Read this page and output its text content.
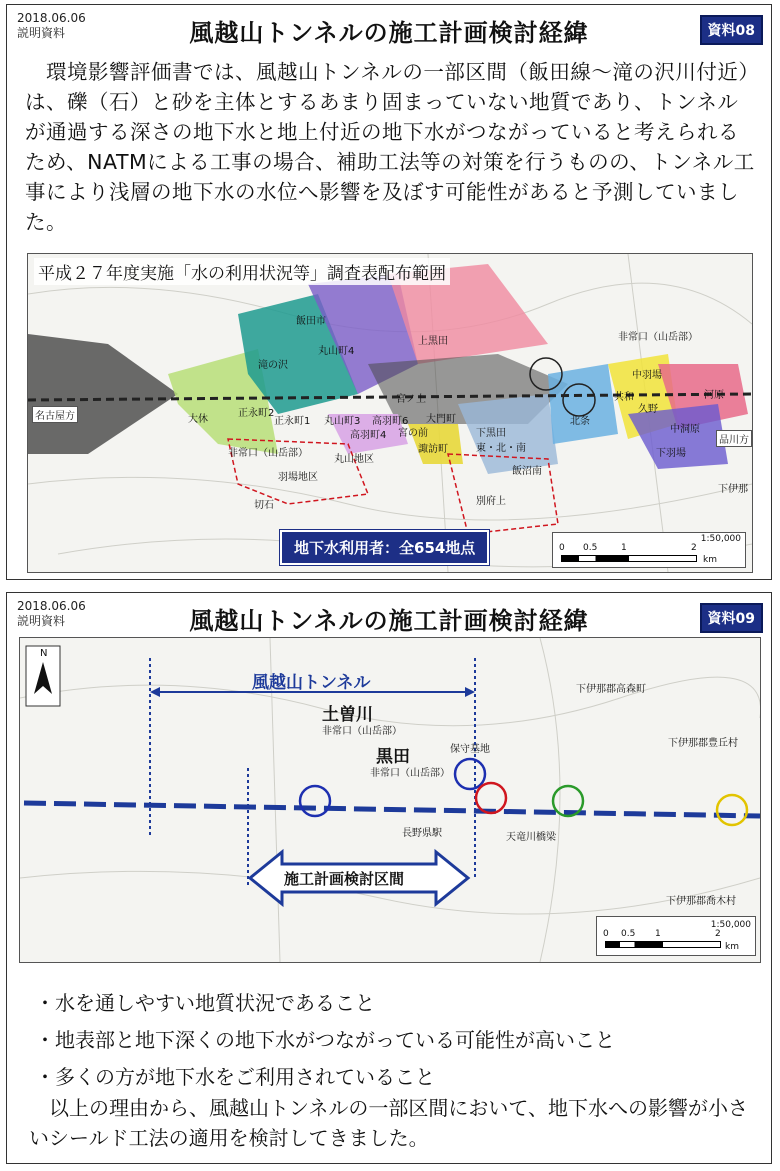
2018.06.06
説明資料	風越山トンネルの施工計画検討経緯	資料08

　環境影響評価書では、風越山トンネルの一部区間（飯田線〜滝の沢川付近）は、礫（石）と砂を主体とするあまり固まっていない地質であり、トンネルが通過する深さの地下水と地上付近の地下水がつながっていると考えられるため、NATMによる工事の場合、補助工法等の対策を行うものの、トンネル工事により浅層の地下水の水位へ影響を及ぼす可能性があると予測していました。

平成２７年度実施「水の利用状況等」調査表配布範囲
飯田市
丸山町4
上黒田
滝の沢
非常口（山岳部）
中羽場
河原
共和
久野
中洞原
下羽場
北条
宮ノ上
大門町
下黒田
東・北・南
大休
正永町2
正永町1 丸山町3 高羽町6
宮の前
高羽町4
諏訪町
非常口（山岳部）
丸山地区
羽場地区
飯沼南
切石	別府上
名古屋方
品川方
下伊那
地下水利用者：全654地点	1:50,000
0 0.5	1	2
km
2018.06.06
説明資料	風越山トンネルの施工計画検討経緯	資料09
N
風越山トンネル
土曽川
非常口（山岳部）
黒田
非常口（山岳部）
保守基地
長野県駅	天竜川橋梁
施工計画検討区間
下伊那郡高森町
下伊那郡豊丘村
下伊那郡喬木村
1:50,000
0 0.5 1	2
km
・水を通しやすい地質状況であること
・地表部と地下深くの地下水がつながっている可能性が高いこと
・多くの方が地下水をご利用されていること

　以上の理由から、風越山トンネルの一部区間において、地下水への影響が小さいシールド工法の適用を検討してきました。
